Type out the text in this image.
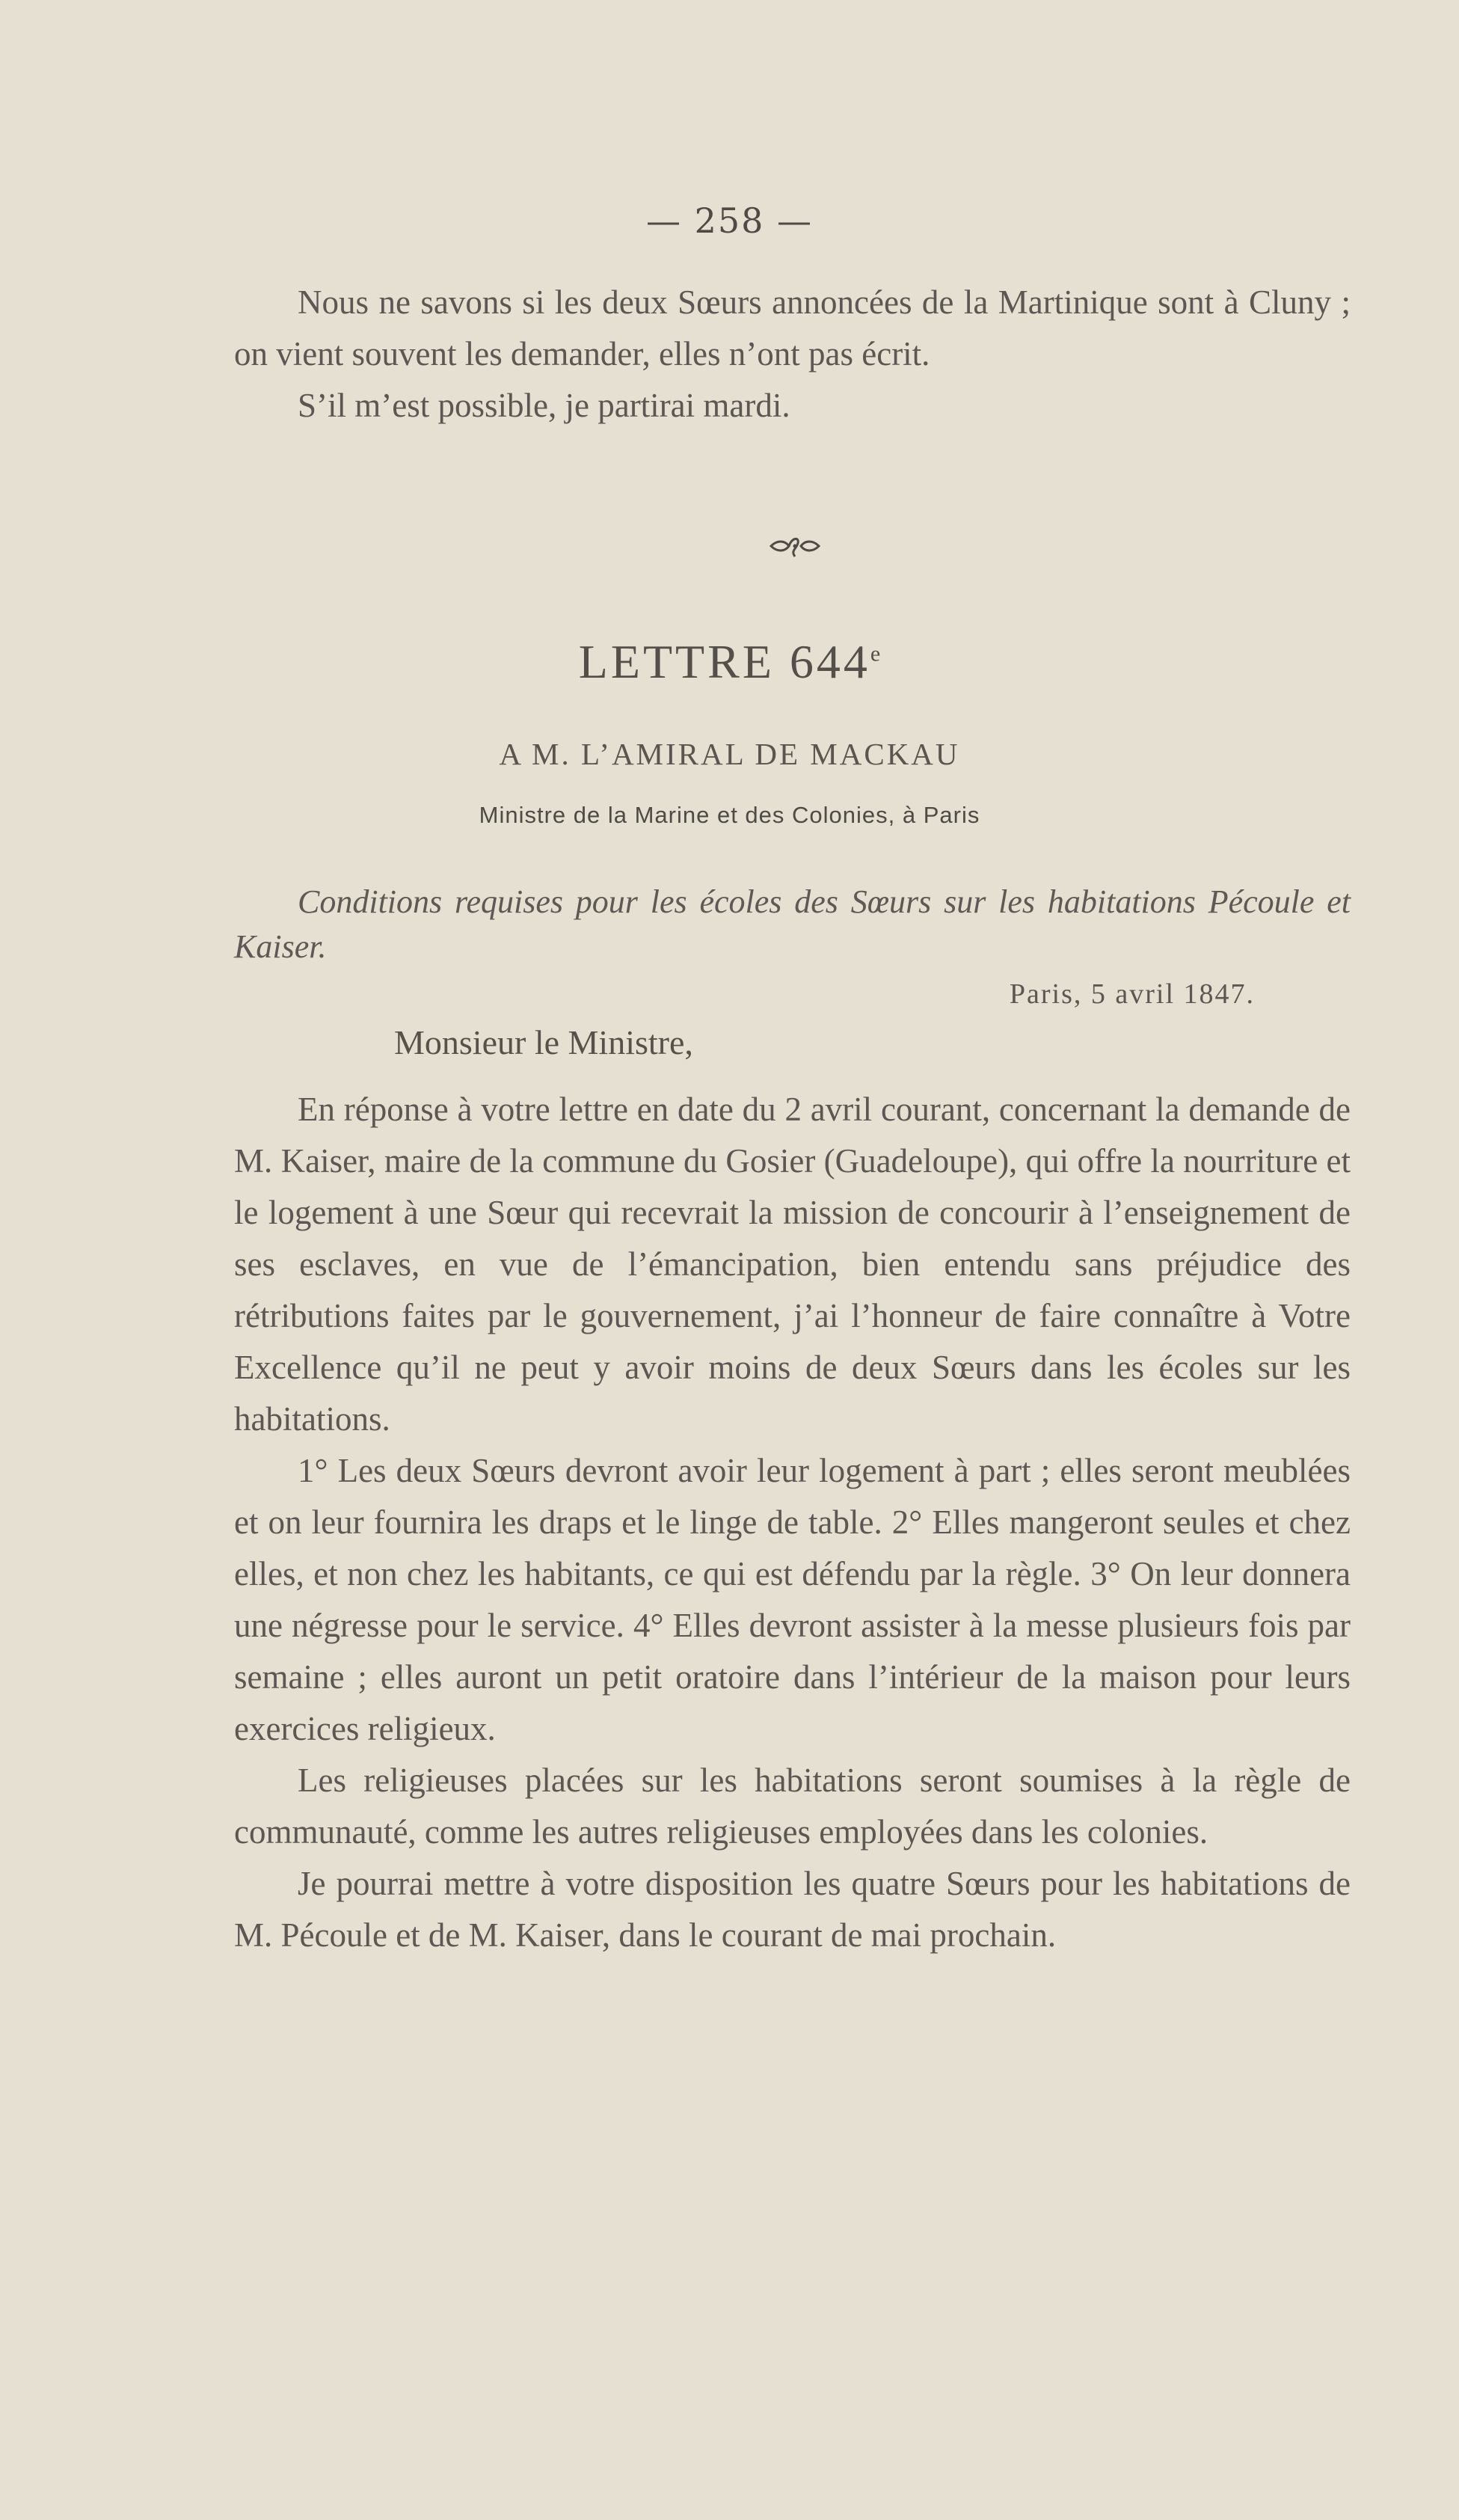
— 258 —

Nous ne savons si les deux Sœurs annoncées de la Martinique sont à Cluny ; on vient souvent les demander, elles n’ont pas écrit.

S’il m’est possible, je partirai mardi.

LETTRE 644e
A M. L’AMIRAL DE MACKAU
Ministre de la Marine et des Colonies, à Paris

Conditions requises pour les écoles des Sœurs sur les habitations Pécoule et Kaiser.

Paris, 5 avril 1847.
Monsieur le Ministre,

En réponse à votre lettre en date du 2 avril courant, concernant la demande de M. Kaiser, maire de la commune du Gosier (Guadeloupe), qui offre la nourriture et le logement à une Sœur qui recevrait la mission de concourir à l’enseignement de ses esclaves, en vue de l’émancipation, bien entendu sans préjudice des rétributions faites par le gouvernement, j’ai l’honneur de faire connaître à Votre Excellence qu’il ne peut y avoir moins de deux Sœurs dans les écoles sur les habitations.

1° Les deux Sœurs devront avoir leur logement à part ; elles seront meublées et on leur fournira les draps et le linge de table. 2° Elles mangeront seules et chez elles, et non chez les habitants, ce qui est défendu par la règle. 3° On leur donnera une négresse pour le service. 4° Elles devront assister à la messe plusieurs fois par semaine ; elles auront un petit oratoire dans l’intérieur de la maison pour leurs exercices religieux.

Les religieuses placées sur les habitations seront soumises à la règle de communauté, comme les autres religieuses employées dans les colonies.

Je pourrai mettre à votre disposition les quatre Sœurs pour les habitations de M. Pécoule et de M. Kaiser, dans le courant de mai prochain.
